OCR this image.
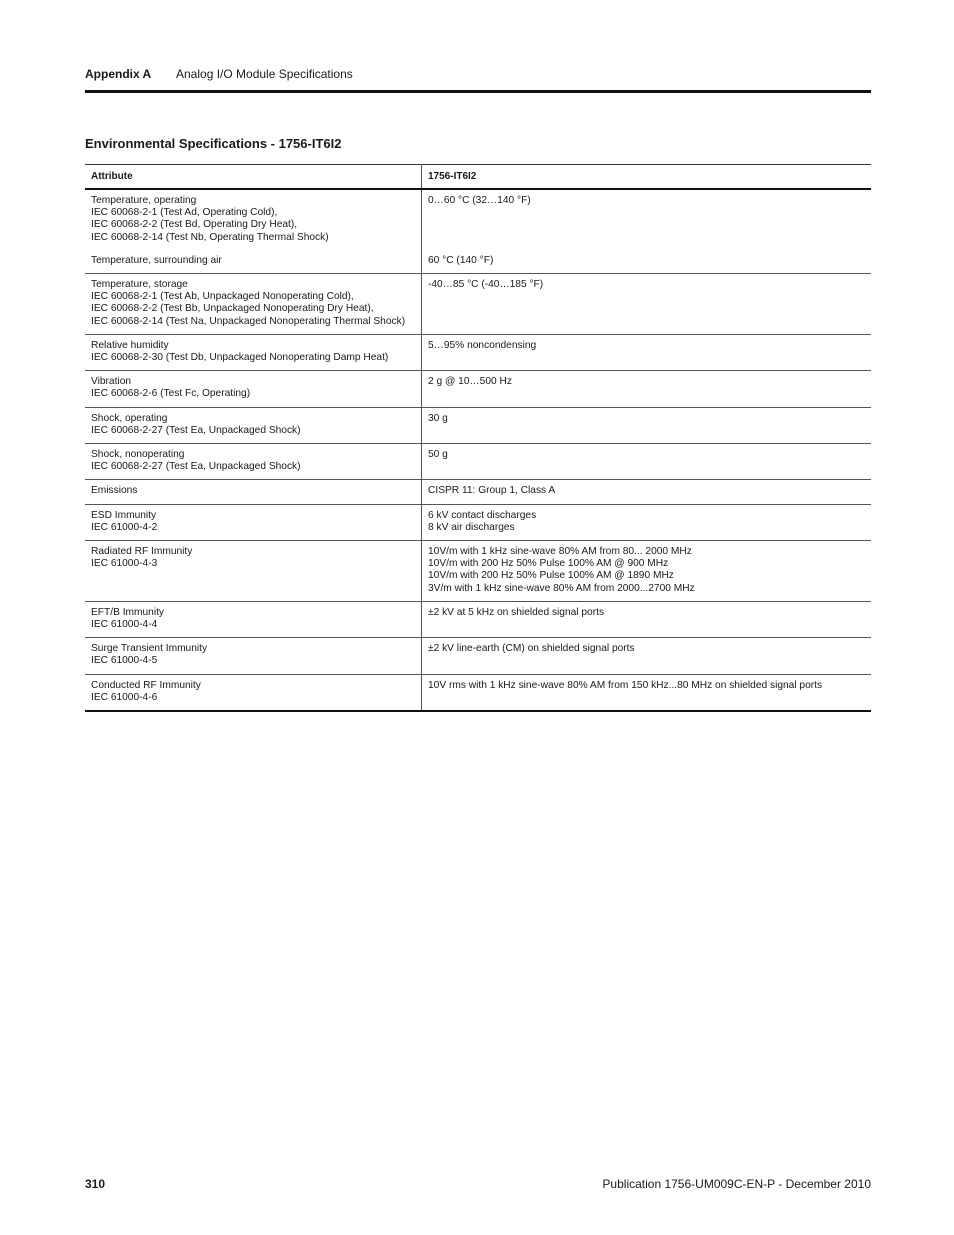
Appendix A Analog I/O Module Specifications
Environmental Specifications - 1756-IT6I2
Attribute	1756-IT6I2

Temperature, operating
IEC 60068-2-1 (Test Ad, Operating Cold),
IEC 60068-2-2 (Test Bd, Operating Dry Heat),
IEC 60068-2-14 (Test Nb, Operating Thermal Shock)	0…60 °C (32…140 °F)

Temperature, surrounding air	60 °C (140 °F)

Temperature, storage
IEC 60068-2-1 (Test Ab, Unpackaged Nonoperating Cold),
IEC 60068-2-2 (Test Bb, Unpackaged Nonoperating Dry Heat),
IEC 60068-2-14 (Test Na, Unpackaged Nonoperating Thermal Shock)	-40…85 °C (-40…185 °F)

Relative humidity
IEC 60068-2-30 (Test Db, Unpackaged Nonoperating Damp Heat)	5…95% noncondensing

Vibration
IEC 60068-2-6 (Test Fc, Operating)	2 g @ 10…500 Hz

Shock, operating
IEC 60068-2-27 (Test Ea, Unpackaged Shock)	30 g

Shock, nonoperating
IEC 60068-2-27 (Test Ea, Unpackaged Shock)	50 g

Emissions	CISPR 11: Group 1, Class A

ESD Immunity
IEC 61000-4-2	6 kV contact discharges
8 kV air discharges

Radiated RF Immunity
IEC 61000-4-3	10V/m with 1 kHz sine-wave 80% AM from 80... 2000 MHz
10V/m with 200 Hz 50% Pulse 100% AM @ 900 MHz
10V/m with 200 Hz 50% Pulse 100% AM @ 1890 MHz
3V/m with 1 kHz sine-wave 80% AM from 2000...2700 MHz

EFT/B Immunity
IEC 61000-4-4	±2 kV at 5 kHz on shielded signal ports

Surge Transient Immunity
IEC 61000-4-5	±2 kV line-earth (CM) on shielded signal ports

Conducted RF Immunity
IEC 61000-4-6	10V rms with 1 kHz sine-wave 80% AM from 150 kHz...80 MHz on shielded signal ports
310	Publication 1756-UM009C-EN-P - December 2010
